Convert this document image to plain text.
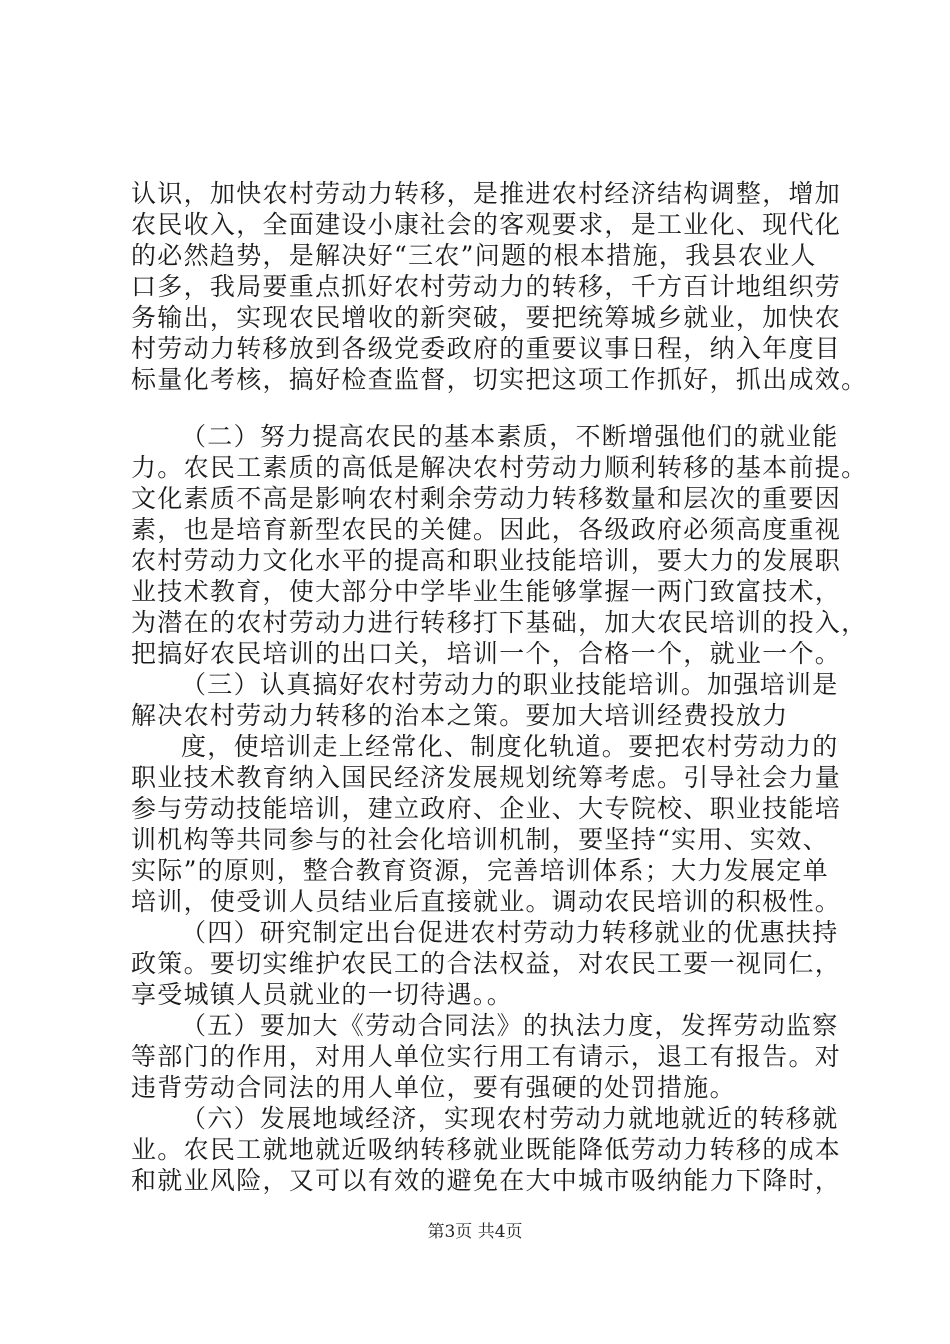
认识，加快农村劳动力转移，是推进农村经济结构调整，增加
农民收入，全面建设小康社会的客观要求，是工业化、现代化
的必然趋势，是解决好“三农”问题的根本措施，我县农业人
口多，我局要重点抓好农村劳动力的转移，千方百计地组织劳
务输出，实现农民增收的新突破，要把统筹城乡就业，加快农
村劳动力转移放到各级党委政府的重要议事日程，纳入年度目
标量化考核，搞好检查监督，切实把这项工作抓好，抓出成效。
（二）努力提高农民的基本素质，不断增强他们的就业能
力。农民工素质的高低是解决农村劳动力顺利转移的基本前提。
文化素质不高是影响农村剩余劳动力转移数量和层次的重要因
素，也是培育新型农民的关健。因此，各级政府必须高度重视
农村劳动力文化水平的提高和职业技能培训，要大力的发展职
业技术教育，使大部分中学毕业生能够掌握一两门致富技术，
为潜在的农村劳动力进行转移打下基础，加大农民培训的投入，
把搞好农民培训的出口关，培训一个，合格一个，就业一个。
（三）认真搞好农村劳动力的职业技能培训。加强培训是
解决农村劳动力转移的治本之策。要加大培训经费投放力
度，使培训走上经常化、制度化轨道。要把农村劳动力的
职业技术教育纳入国民经济发展规划统筹考虑。引导社会力量
参与劳动技能培训，建立政府、企业、大专院校、职业技能培
训机构等共同参与的社会化培训机制，要坚持“实用、实效、
实际”的原则，整合教育资源，完善培训体系；大力发展定单
培训，使受训人员结业后直接就业。调动农民培训的积极性。
（四）研究制定出台促进农村劳动力转移就业的优惠扶持
政策。要切实维护农民工的合法权益，对农民工要一视同仁，
享受城镇人员就业的一切待遇。。
（五）要加大《劳动合同法》的执法力度，发挥劳动监察
等部门的作用，对用人单位实行用工有请示，退工有报告。对
违背劳动合同法的用人单位，要有强硬的处罚措施。
（六）发展地域经济，实现农村劳动力就地就近的转移就
业。农民工就地就近吸纳转移就业既能降低劳动力转移的成本
和就业风险，又可以有效的避免在大中城市吸纳能力下降时，
第3页 共4页
